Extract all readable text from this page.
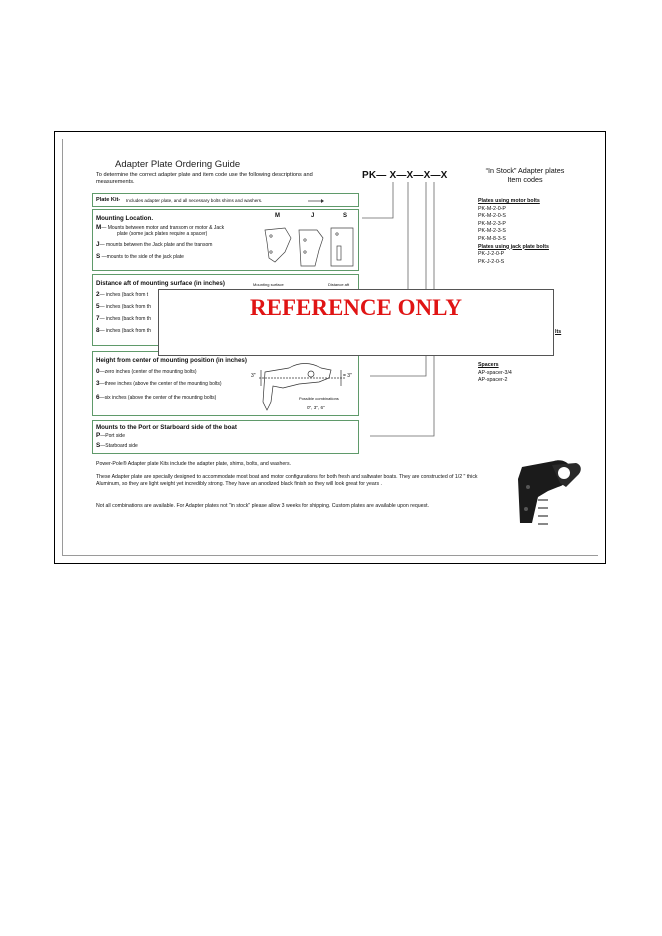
Adapter Plate Ordering Guide
To determine the correct adapter plate and item code use the following descriptions and measurements.
PK— X—X—X—X
Plate Kit- Includes adapter plate, and all necessary bolts shims and washers.
Mounting Location.
M— Mounts between motor and transom or motor & Jack
plate (some jack plates require a spacer)
J— mounts between the Jack plate and the transom
S —mounts to the side of the jack plate
M	J	S
Distance aft of mounting surface (in inches)	Mounting surface	Distance aft
2— inches (back from t
5— inches (back from th
7— inches (back from th
8— inches (back from th
Height from center of mounting position (in inches)
0—zero inches (center of the mounting bolts)
3—three inches (above the center of the mounting bolts)
6—six inches (above the center of the mounting bolts)
3"	= 3"
Possible combinations
0", 3", 6"
Mounts to the Port or Starboard side of the boat
P—Port side
S—Starboard side
“In Stock” Adapter plates
Item codes
Plates using motor bolts
PK-M-2-0-P
PK-M-2-0-S
PK-M-2-3-P
PK-M-2-3-S
PK-M-8-3-S
Plates using jack plate bolts
PK-J-2-0-P
PK-J-2-0-S
lts
Spacers
AP-spacer-3/4
AP-spacer-2
REFERENCE ONLY
Power-Pole® Adapter plate Kits include the adapter plate, shims, bolts, and washers.
These Adapter plate are specially designed to accommodate most boat and motor configurations for both fresh and saltwater boats. They are constructed of 1/2 " thick Aluminum, so they are light weight yet incredibly strong. They have an anodized black finish so they will look great for years .
Not all combinations are available. For Adapter plates not "in stock" please allow 3 weeks for shipping. Custom plates are available upon request.
